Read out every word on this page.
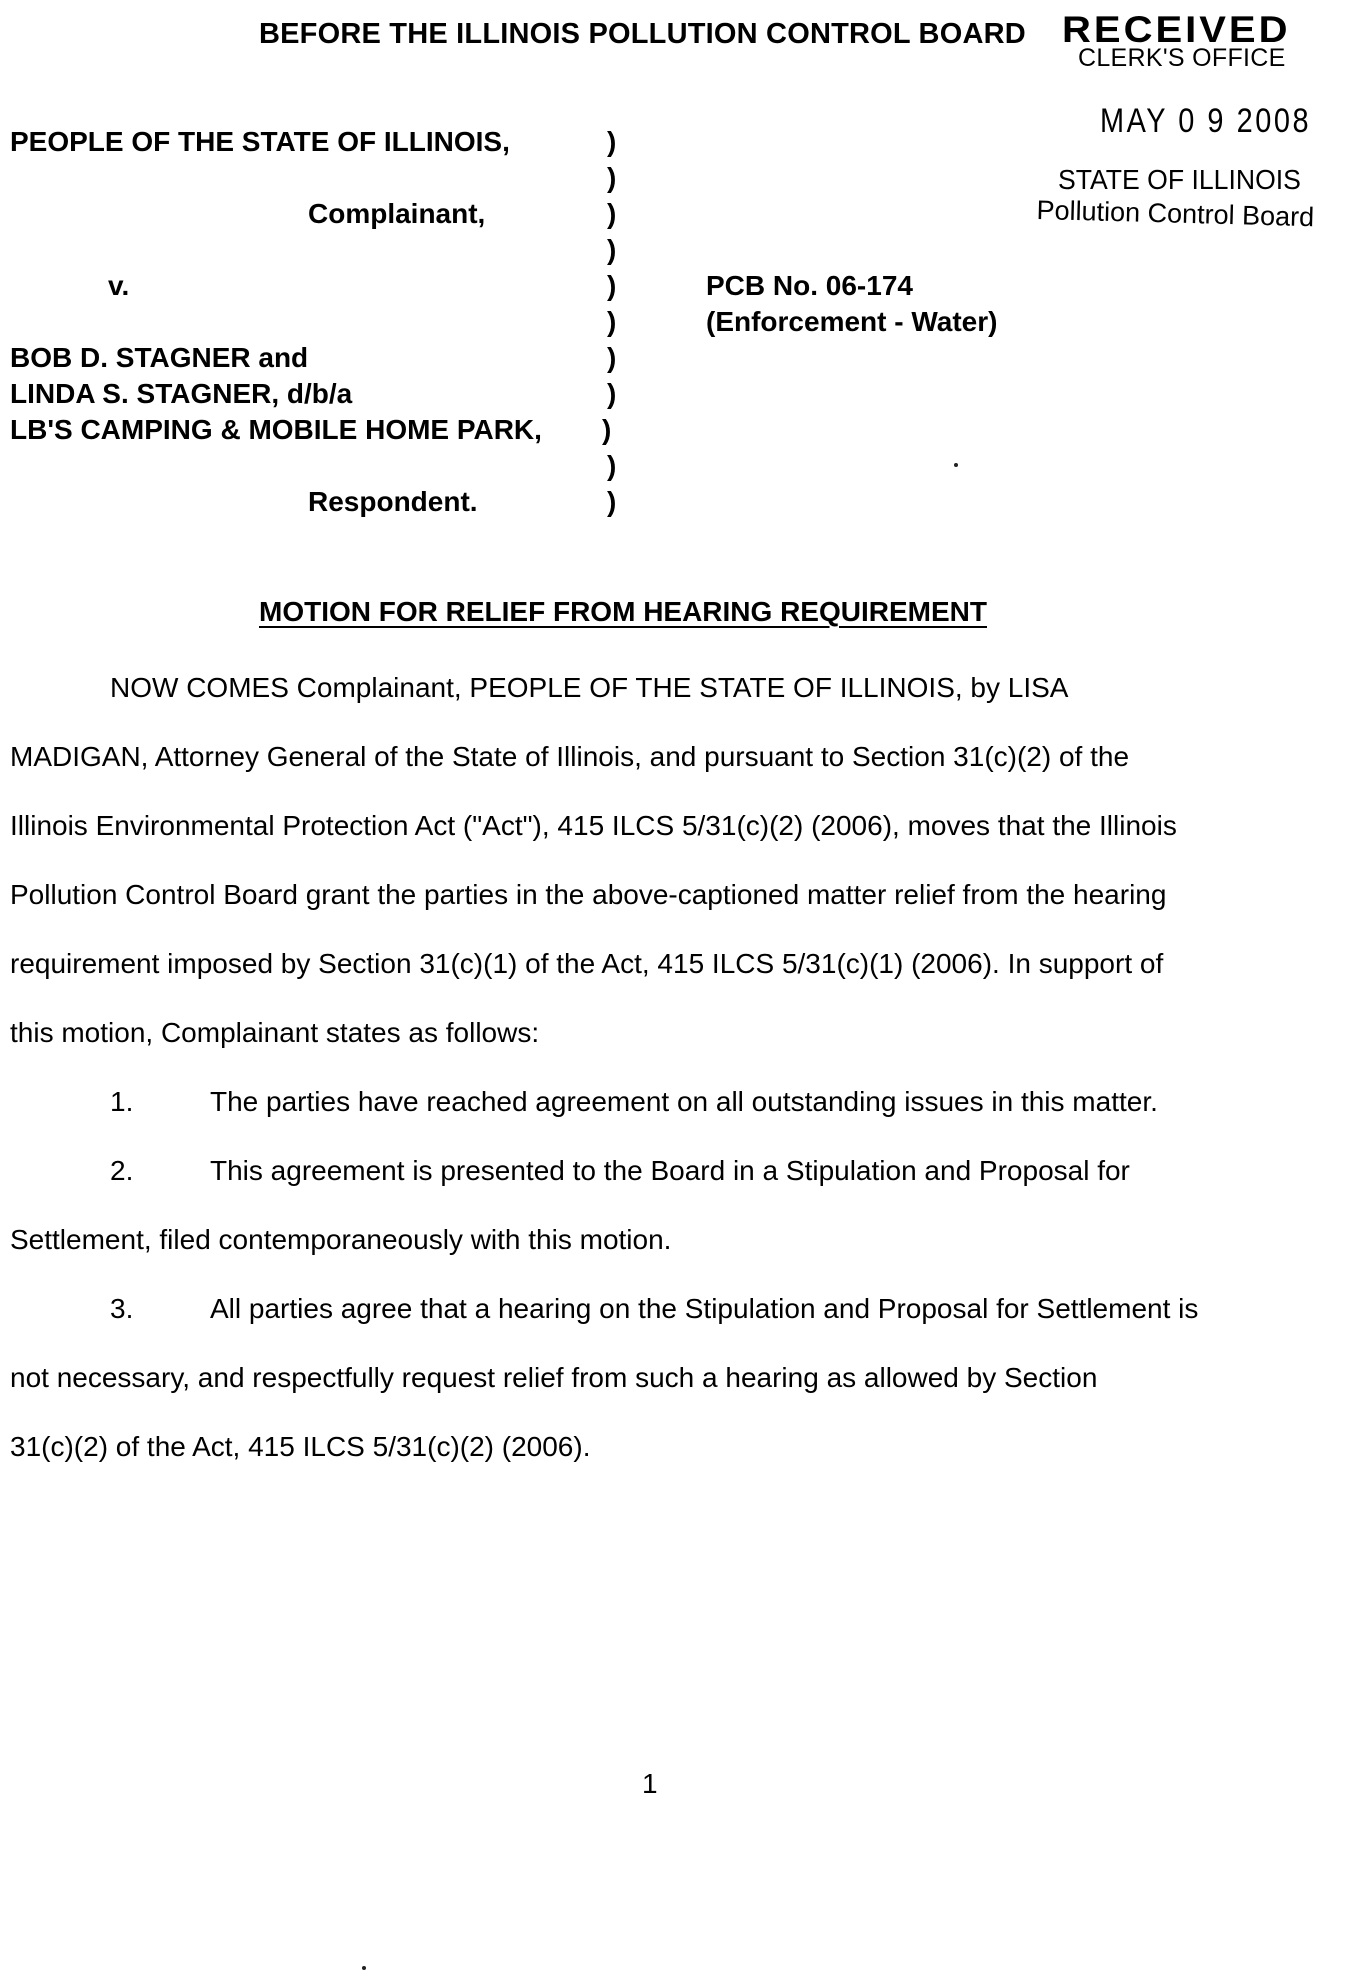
BEFORE THE ILLINOIS POLLUTION CONTROL BOARD RECEIVED
CLERK'S OFFICE
MAY 0 9 2008
STATE OF ILLINOIS
Pollution Control Board
PEOPLE OF THE STATE OF ILLINOIS,
Complainant,
v.
BOB D. STAGNER and
LINDA S. STAGNER, d/b/a
LB'S CAMPING & MOBILE HOME PARK,
Respondent.
)
)
)
)
)
)
)
)
)
)
)
PCB No. 06-174
(Enforcement - Water)
MOTION FOR RELIEF FROM HEARING REQUIREMENT
NOW COMES Complainant, PEOPLE OF THE STATE OF ILLINOIS, by LISA
MADIGAN, Attorney General of the State of Illinois, and pursuant to Section 31(c)(2) of the
Illinois Environmental Protection Act ("Act"), 415 ILCS 5/31(c)(2) (2006), moves that the Illinois
Pollution Control Board grant the parties in the above-captioned matter relief from the hearing
requirement imposed by Section 31(c)(1) of the Act, 415 ILCS 5/31(c)(1) (2006). In support of
this motion, Complainant states as follows:
1.	The parties have reached agreement on all outstanding issues in this matter.
2.	This agreement is presented to the Board in a Stipulation and Proposal for
Settlement, filed contemporaneously with this motion.
3.	All parties agree that a hearing on the Stipulation and Proposal for Settlement is
not necessary, and respectfully request relief from such a hearing as allowed by Section
31(c)(2) of the Act, 415 ILCS 5/31(c)(2) (2006).
1
